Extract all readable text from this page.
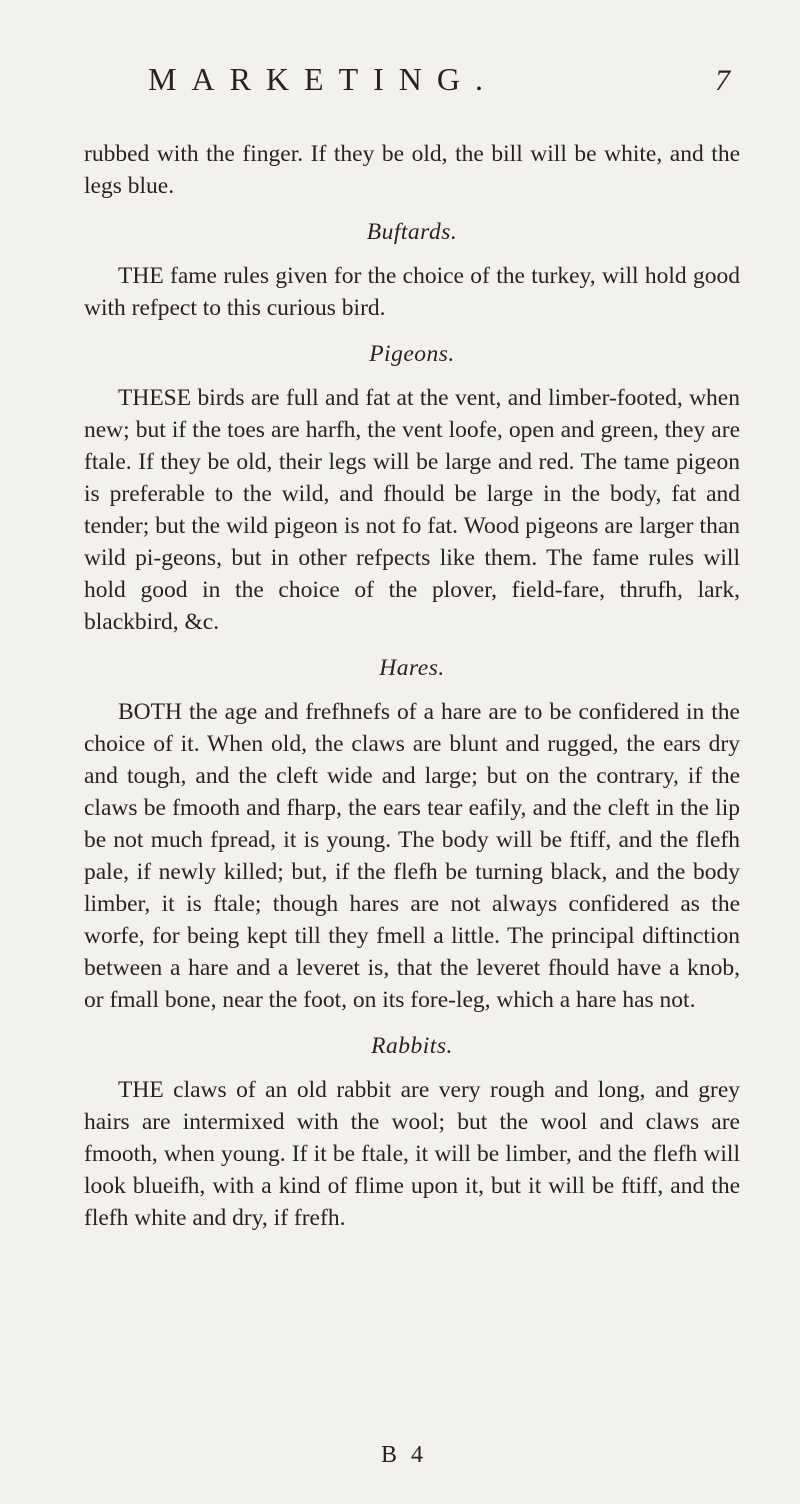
MARKETING.	7

rubbed with the finger. If they be old, the bill will be white, and the legs blue.

Buftards.

THE fame rules given for the choice of the turkey, will hold good with refpect to this curious bird.

Pigeons.

THESE birds are full and fat at the vent, and limber-footed, when new; but if the toes are harfh, the vent loofe, open and green, they are ftale. If they be old, their legs will be large and red. The tame pigeon is preferable to the wild, and fhould be large in the body, fat and tender; but the wild pigeon is not fo fat. Wood pigeons are larger than wild pi-geons, but in other refpects like them. The fame rules will hold good in the choice of the plover, field-fare, thrufh, lark, blackbird, &c.

Hares.

BOTH the age and frefhnefs of a hare are to be confidered in the choice of it. When old, the claws are blunt and rugged, the ears dry and tough, and the cleft wide and large; but on the contrary, if the claws be fmooth and fharp, the ears tear eafily, and the cleft in the lip be not much fpread, it is young. The body will be ftiff, and the flefh pale, if newly killed; but, if the flefh be turning black, and the body limber, it is ftale; though hares are not always confidered as the worfe, for being kept till they fmell a little. The principal diftinction between a hare and a leveret is, that the leveret fhould have a knob, or fmall bone, near the foot, on its fore-leg, which a hare has not.

Rabbits.

THE claws of an old rabbit are very rough and long, and grey hairs are intermixed with the wool; but the wool and claws are fmooth, when young. If it be ftale, it will be limber, and the flefh will look blueifh, with a kind of flime upon it, but it will be ftiff, and the flefh white and dry, if frefh.

B 4
